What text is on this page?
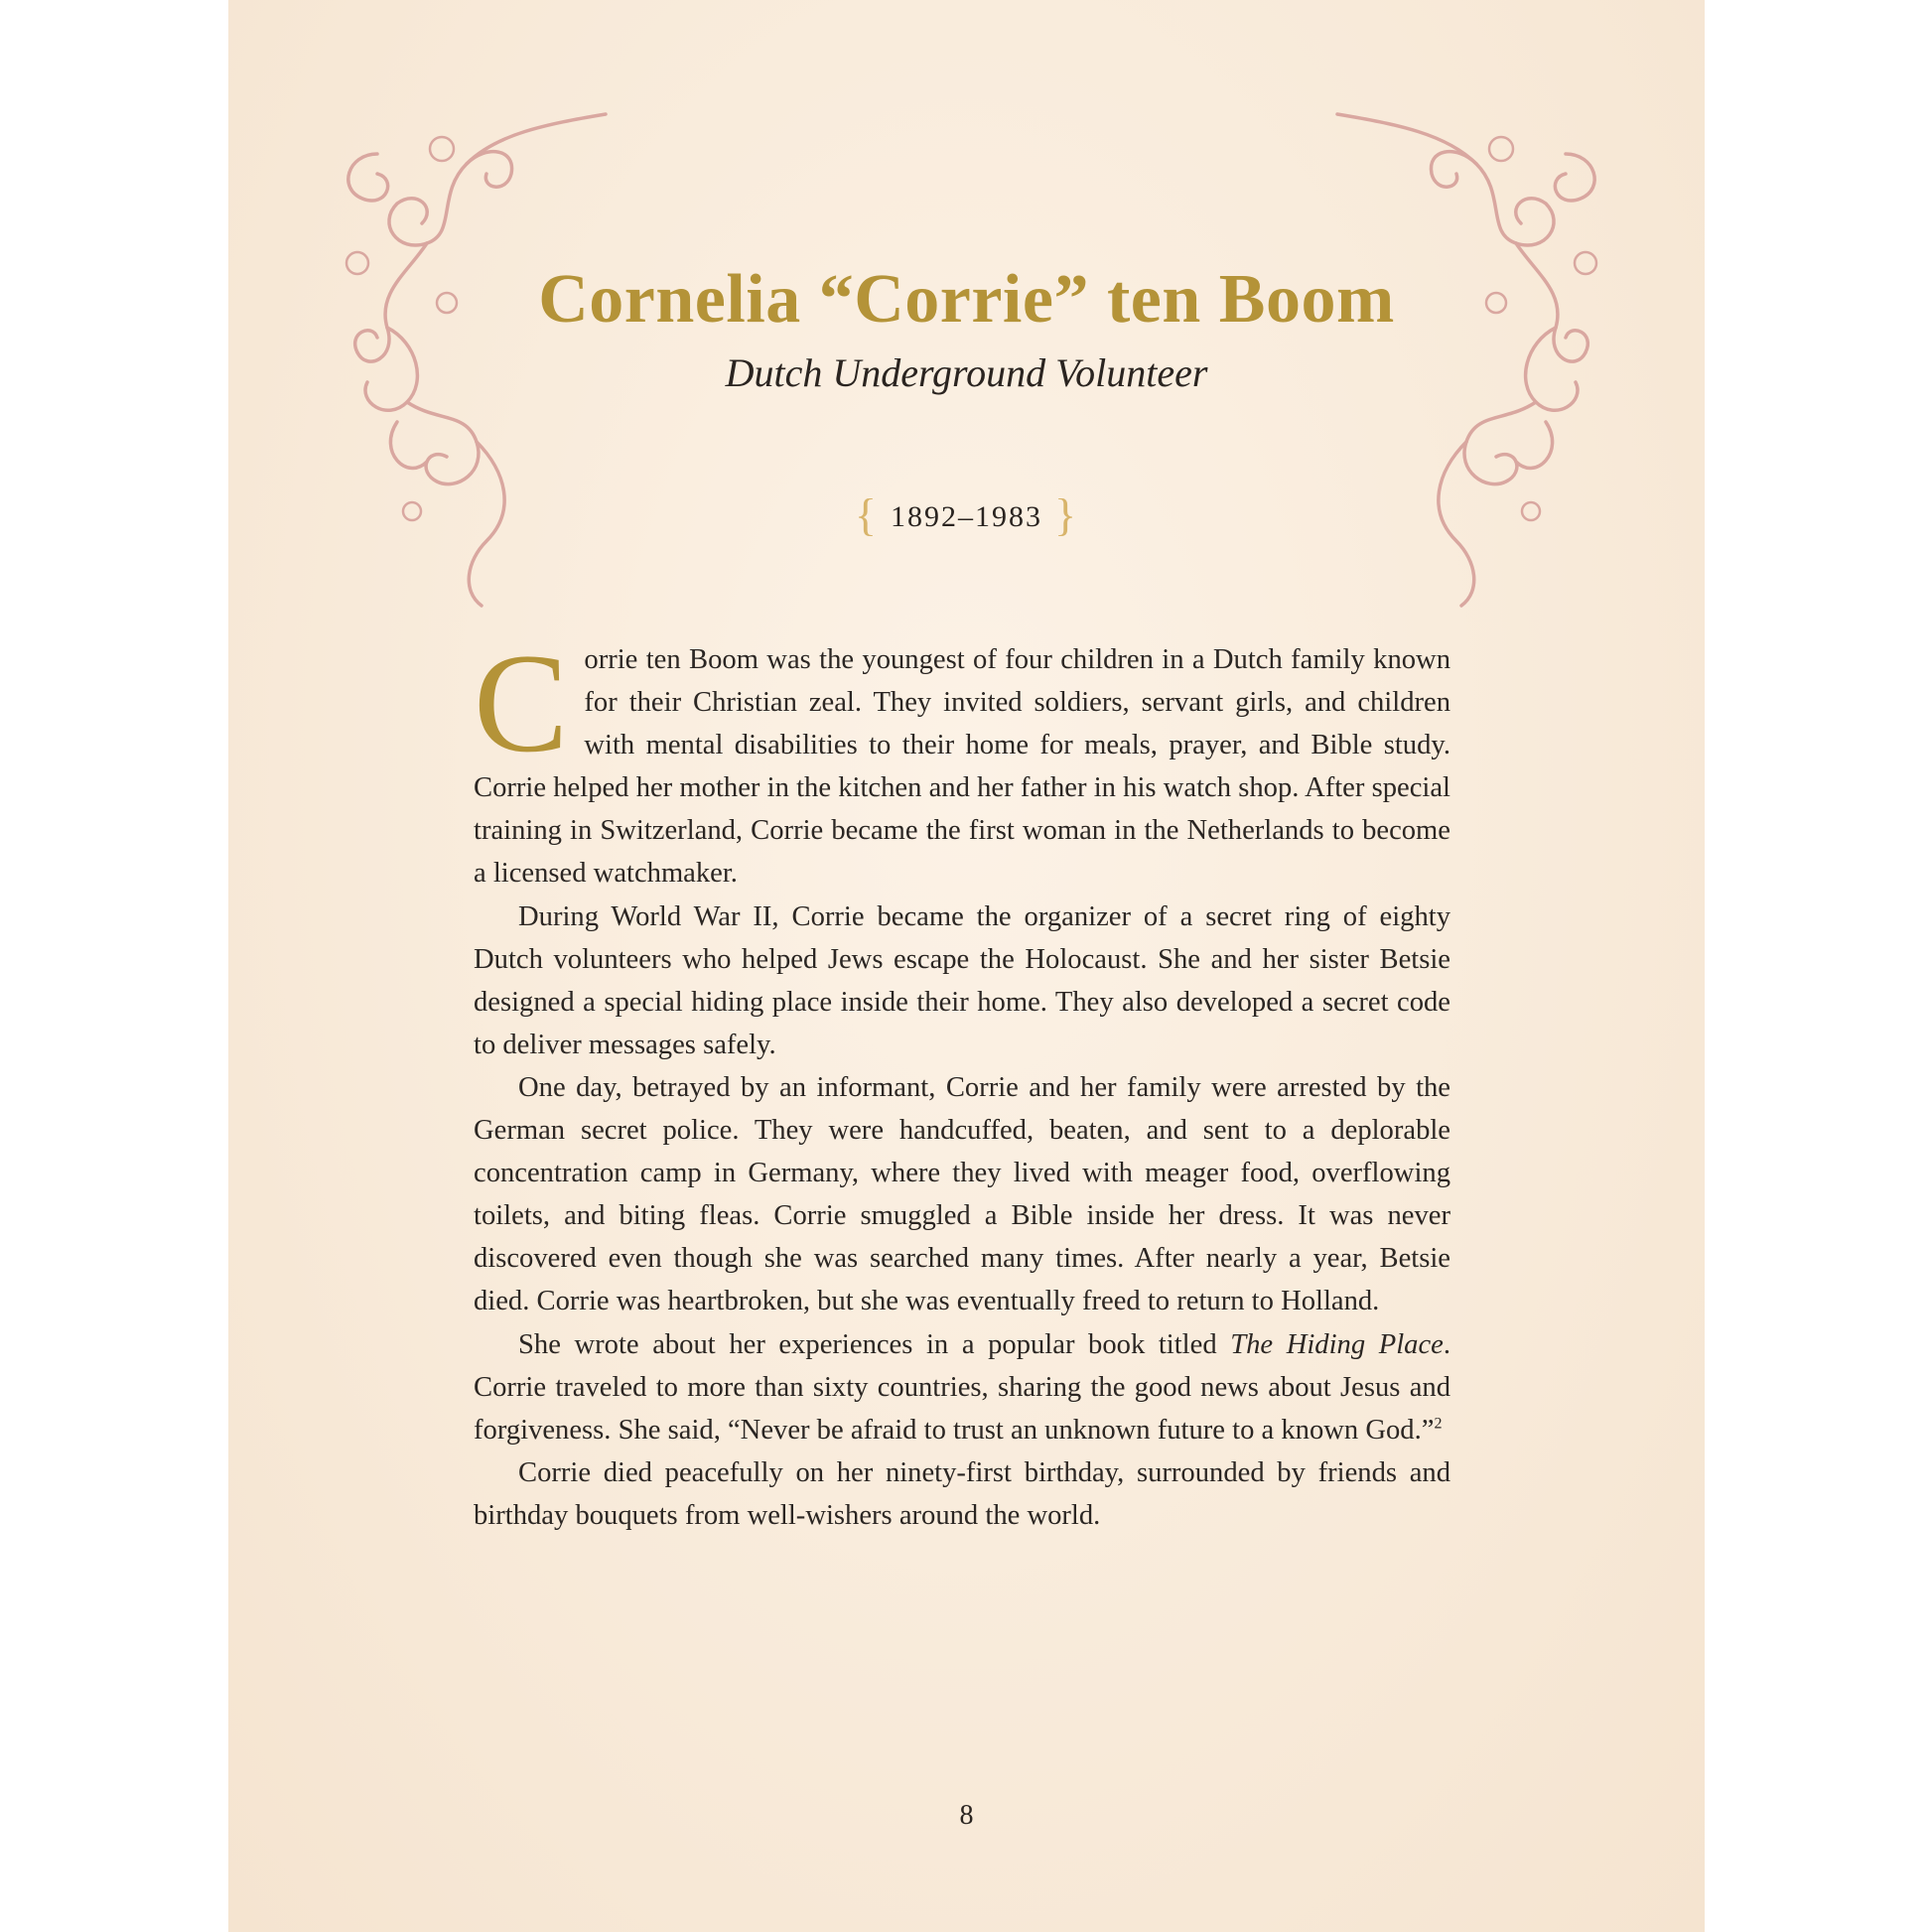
Cornelia “Corrie” ten Boom
Dutch Underground Volunteer
{ 1892–1983 }

Corrie ten Boom was the youngest of four children in a Dutch family known for their Christian zeal. They invited soldiers, servant girls, and children with mental disabilities to their home for meals, prayer, and Bible study. Corrie helped her mother in the kitchen and her father in his watch shop. After special training in Switzerland, Corrie became the first woman in the Netherlands to become a licensed watchmaker.

During World War II, Corrie became the organizer of a secret ring of eighty Dutch volunteers who helped Jews escape the Holocaust. She and her sister Betsie designed a special hiding place inside their home. They also developed a secret code to deliver messages safely.

One day, betrayed by an informant, Corrie and her family were arrested by the German secret police. They were handcuffed, beaten, and sent to a deplorable concentration camp in Germany, where they lived with meager food, overflowing toilets, and biting fleas. Corrie smuggled a Bible inside her dress. It was never discovered even though she was searched many times. After nearly a year, Betsie died. Corrie was heartbroken, but she was eventually freed to return to Holland.

She wrote about her experiences in a popular book titled The Hiding Place. Corrie traveled to more than sixty countries, sharing the good news about Jesus and forgiveness. She said, “Never be afraid to trust an unknown future to a known God.”$^2$

Corrie died peacefully on her ninety-first birthday, surrounded by friends and birthday bouquets from well-wishers around the world.

8
